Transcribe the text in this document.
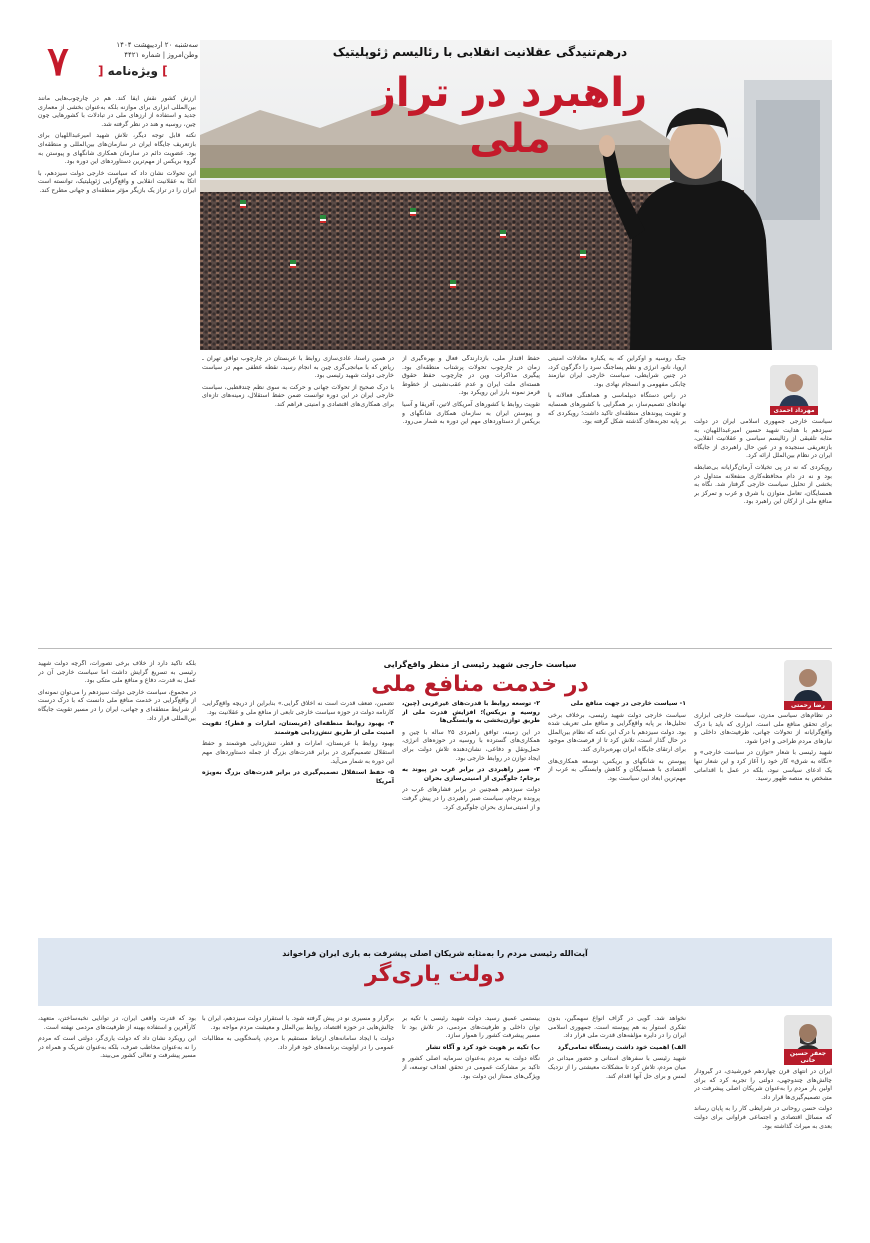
۷	سه‌شنبه ۲۰ اردیبهشت ۱۴۰۴
وطن‌امروز | شماره ۴۴۲۱
] ویژه‌نامه [
درهم‌تنیدگی عقلانیت انقلابی با رئالیسم ژئوپلیتیک
راهبرد در تراز ملی
مهرداد احمدی

سیاست خارجی جمهوری اسلامی ایران در دولت سیزدهم با هدایت شهید حسین امیرعبداللهیان، به مثابه تلفیقی از رئالیسم سیاسی و عقلانیت انقلابی، بازتعریفی سنجیده و در عین حال راهبردی از جایگاه ایران در نظام بین‌الملل ارائه کرد.

رویکردی که نه در پی تخیلات آرمان‌گرایانه بی‌ضابطه بود و نه در دام محافظه‌کاری منفعلانه متداول در بخشی از تحلیل سیاست خارجی گرفتار شد. نگاه به همسایگان، تعامل متوازن با شرق و غرب و تمرکز بر منافع ملی از ارکان این راهبرد بود.

جنگ روسیه و اوکراین که به یکباره معادلات امنیتی اروپا، ناتو، انرژی و نظم پساجنگ سرد را دگرگون کرد، در چنین شرایطی، سیاست خارجی ایران نیازمند چابکی مفهومی و انسجام نهادی بود.

در راس دستگاه دیپلماسی و هماهنگی فعالانه با نهادهای تصمیم‌ساز، بر همگرایی با کشورهای همسایه و تقویت پیوندهای منطقه‌ای تاکید داشت؛ رویکردی که بر پایه تجربه‌های گذشته شکل گرفته بود.

حفظ اقتدار ملی، بازدارندگی فعال و بهره‌گیری از زمان در چارچوب تحولات پرشتاب منطقه‌ای بود. پیگیری مذاکرات وین در چارچوب حفظ حقوق هسته‌ای ملت ایران و عدم عقب‌نشینی از خطوط قرمز نمونه بارز این رویکرد بود.

تقویت روابط با کشورهای آمریکای لاتین، آفریقا و آسیا و پیوستن ایران به سازمان همکاری شانگهای و بریکس از دستاوردهای مهم این دوره به شمار می‌رود.

در همین راستا، عادی‌سازی روابط با عربستان در چارچوب توافق تهران ـ ریاض که با میانجی‌گری چین به انجام رسید، نقطه عطفی مهم در سیاست خارجی دولت شهید رئیسی بود.

با درک صحیح از تحولات جهانی و حرکت به سوی نظم چندقطبی، سیاست خارجی ایران در این دوره توانست ضمن حفظ استقلال، زمینه‌های تازه‌ای برای همکاری‌های اقتصادی و امنیتی فراهم کند.

ارزش کشور نقش ایفا کند. هم در چارچوب‌هایی مانند بین‌المللی ابزاری برای موازنه بلکه به‌عنوان بخشی از معماری جدید و استفاده از ارزهای ملی در تبادلات با کشورهایی چون چین، روسیه و هند در نظر گرفته شد.

نکته قابل توجه دیگر، تلاش شهید امیرعبداللهیان برای بازتعریف جایگاه ایران در سازمان‌های بین‌المللی و منطقه‌ای بود. عضویت دائم در سازمان همکاری شانگهای و پیوستن به گروه بریکس از مهم‌ترین دستاوردهای این دوره بود.

این تحولات نشان داد که سیاست خارجی دولت سیزدهم، با اتکا به عقلانیت انقلابی و واقع‌گرایی ژئوپلیتیک، توانسته است ایران را در تراز یک بازیگر مؤثر منطقه‌ای و جهانی مطرح کند.

سیاست خارجی شهید رئیسی از منظر واقع‌گرایی
در خدمت منافع ملی
رضا رحمتی

در نظام‌های سیاسی مدرن، سیاست خارجی ابزاری برای تحقق منافع ملی است. ابزاری که باید با درک واقع‌گرایانه از تحولات جهانی، ظرفیت‌های داخلی و نیازهای مردم طراحی و اجرا شود.

شهید رئیسی با شعار «توازن در سیاست خارجی» و «نگاه به شرق» کار خود را آغاز کرد و این شعار تنها یک ادعای سیاسی نبود، بلکه در عمل با اقداماتی مشخص به منصه ظهور رسید.

۱- سیاست خارجی در جهت منافع ملی

سیاست خارجی دولت شهید رئیسی، برخلاف برخی تحلیل‌ها، بر پایه واقع‌گرایی و منافع ملی تعریف شده بود. دولت سیزدهم با درک این نکته که نظام بین‌الملل در حال گذار است، تلاش کرد تا از فرصت‌های موجود برای ارتقای جایگاه ایران بهره‌برداری کند.

پیوستن به شانگهای و بریکس، توسعه همکاری‌های اقتصادی با همسایگان و کاهش وابستگی به غرب از مهم‌ترین ابعاد این سیاست بود.

۲- توسعه روابط با قدرت‌های غیرغربی (چین، روسیه و بریکس)؛ افزایش قدرت ملی از طریق توازن‌بخشی به وابستگی‌ها

در این زمینه، توافق راهبردی ۲۵ ساله با چین و همکاری‌های گسترده با روسیه در حوزه‌های انرژی، حمل‌ونقل و دفاعی، نشان‌دهنده تلاش دولت برای ایجاد توازن در روابط خارجی بود.

۳- صبر راهبردی در برابر غرب در پیوند به برجام؛ جلوگیری از امنیتی‌سازی بحران

دولت سیزدهم همچنین در برابر فشارهای غرب در پرونده برجام، سیاست صبر راهبردی را در پیش گرفت و از امنیتی‌سازی بحران جلوگیری کرد.

تضمین، ضعف قدرت است نه اخلاق گرایی.» بنابراین از دریچه واقع‌گرایی، کارنامه دولت در حوزه سیاست خارجی تابعی از منافع ملی و عقلانیت بود.

۴- بهبود روابط منطقه‌ای (عربستان، امارات و قطر)؛ تقویت امنیت ملی از طریق تنش‌زدایی هوشمند

بهبود روابط با عربستان، امارات و قطر، تنش‌زدایی هوشمند و حفظ استقلال تصمیم‌گیری در برابر قدرت‌های بزرگ از جمله دستاوردهای مهم این دوره به شمار می‌آید.

۵- حفظ استقلال تصمیم‌گیری در برابر قدرت‌های بزرگ به‌ویژه آمریکا

بلکه تاکید دارد از خلاف برخی تصورات، اگرچه دولت شهید رئیسی به تسریع گرایش داشت اما سیاست خارجی آن در عمل به قدرت، دفاع و منافع ملی متکی بود.

در مجموع، سیاست خارجی دولت سیزدهم را می‌توان نمونه‌ای از واقع‌گرایی در خدمت منافع ملی دانست که با درک درست از شرایط منطقه‌ای و جهانی، ایران را در مسیر تقویت جایگاه بین‌المللی قرار داد.

آیت‌الله رئیسی مردم را به‌مثابه شریکان اصلی پیشرفت به یاری ایران فراخواند
دولت یاری‌گر
جعفر حسین خانی

ایران در انتهای قرن چهاردهم خورشیدی، در گیرودار چالش‌های چندوجهی، دولتی را تجربه کرد که برای اولین بار مردم را به‌عنوان شریکان اصلی پیشرفت در متن تصمیم‌گیری‌ها قرار داد.

دولت حسن روحانی در شرایطی کار را به پایان رساند که مسائل اقتصادی و اجتماعی فراوانی برای دولت بعدی به میراث گذاشته بود.

نخواهد شد. گویی در گزاف انواع سهمگین، بدون تفکری استوار به هم پیوسته است. جمهوری اسلامی ایران را در دایره مؤلفه‌های قدرت ملی قرار داد.

الف) اهمیت خود داشت زیستگاه تمامی‌گرد

شهید رئیسی با سفرهای استانی و حضور میدانی در میان مردم، تلاش کرد تا مشکلات معیشتی را از نزدیک لمس و برای حل آنها اقدام کند.

بیستمی عمیق رسید. دولت شهید رئیسی با تکیه بر توان داخلی و ظرفیت‌های مردمی، در تلاش بود تا مسیر پیشرفت کشور را هموار سازد.

ب) تکیه بر هویت خود کرد و آگاه تشار

نگاه دولت به مردم به‌عنوان سرمایه اصلی کشور و تاکید بر مشارکت عمومی در تحقق اهداف توسعه، از ویژگی‌های ممتاز این دولت بود.

برگزار و مسیری نو در پیش گرفته شود. با استقرار دولت سیزدهم، ایران با چالش‌هایی در حوزه اقتصاد، روابط بین‌الملل و معیشت مردم مواجه بود.

دولت با ایجاد سامانه‌های ارتباط مستقیم با مردم، پاسخگویی به مطالبات عمومی را در اولویت برنامه‌های خود قرار داد.

بود که قدرت واقعی ایران، در توانایی نخبه‌ساختن، متعهد، کارآفرین و استفاده بهینه از ظرفیت‌های مردمی نهفته است.

این رویکرد نشان داد که دولت یاری‌گر، دولتی است که مردم را نه به‌عنوان مخاطب صرف، بلکه به‌عنوان شریک و همراه در مسیر پیشرفت و تعالی کشور می‌بیند.
